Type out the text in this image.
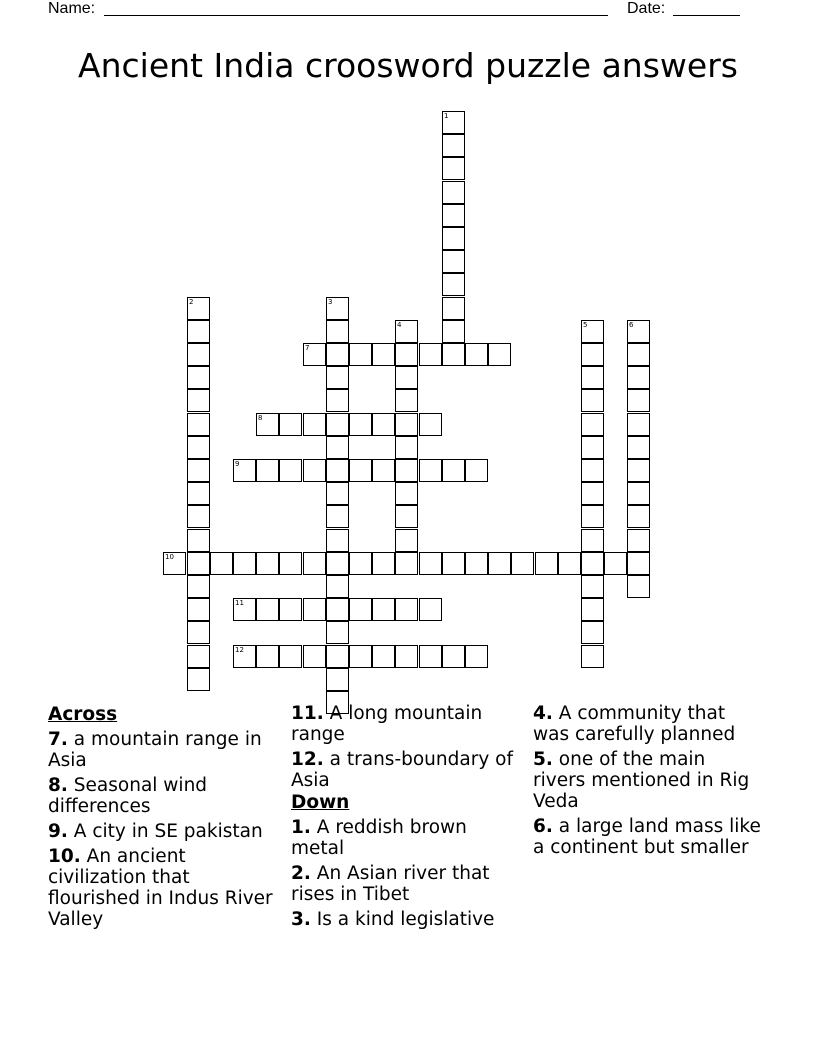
Name:	Date:
Ancient India croosword puzzle answers
1
2	3
4	5	6
7
8
9
10
11
12
Across
7. a mountain range in Asia
8. Seasonal wind differences
9. A city in SE pakistan
10. An ancient civilization that flourished in Indus River Valley
11. A long mountain range
12. a trans-boundary of Asia
Down
1. A reddish brown metal
2. An Asian river that rises in Tibet
3. Is a kind legislative
4. A community that was carefully planned
5. one of the main rivers mentioned in Rig Veda
6. a large land mass like a continent but smaller
